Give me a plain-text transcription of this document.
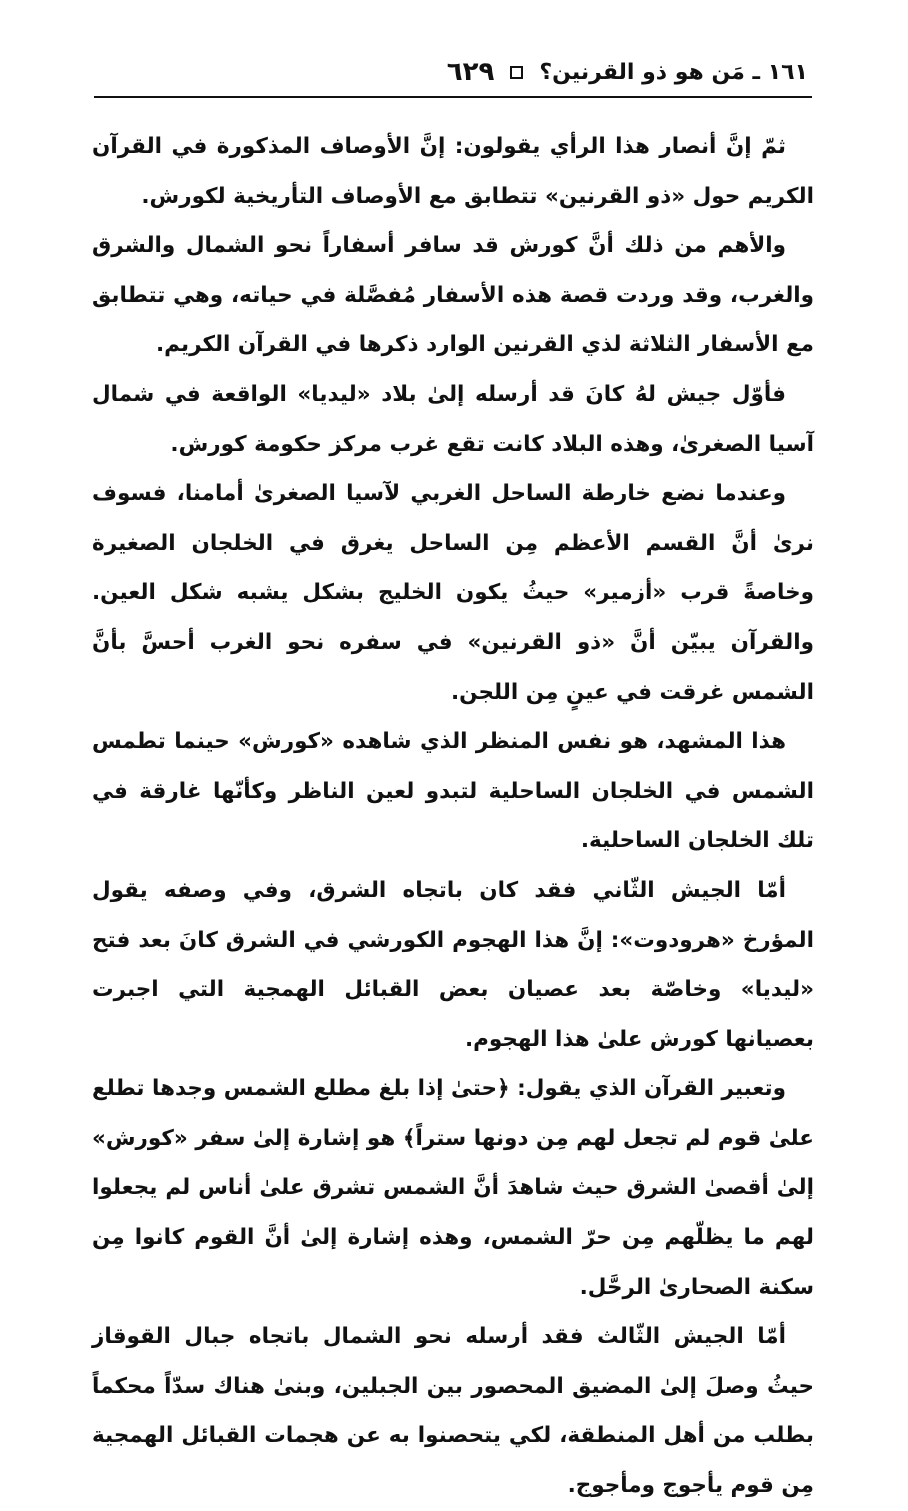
١٦١ ـ مَن هو ذو القرنين؟
٦٢٩

ثمّ إنَّ أنصار هذا الرأي يقولون: إنَّ الأوصاف المذكورة في القرآن الكريم حول «ذو القرنين» تتطابق مع الأوصاف التأريخية لكورش.

والأهم من ذلك أنَّ كورش قد سافر أسفاراً نحو الشمال والشرق والغرب، وقد وردت قصة هذه الأسفار مُفصَّلة في حياته، وهي تتطابق مع الأسفار الثلاثة لذي القرنين الوارد ذكرها في القرآن الكريم.

فأوّل جيش لهُ كانَ قد أرسله إلىٰ بلاد «ليديا» الواقعة في شمال آسيا الصغرىٰ، وهذه البلاد كانت تقع غرب مركز حكومة كورش.

وعندما نضع خارطة الساحل الغربي لآسيا الصغرىٰ أمامنا، فسوف نرىٰ أنَّ القسم الأعظم مِن الساحل يغرق في الخلجان الصغيرة وخاصةً قرب «أزمير» حيثُ يكون الخليج بشكل يشبه شكل العين. والقرآن يبيّن أنَّ «ذو القرنين» في سفره نحو الغرب أحسَّ بأنَّ الشمس غرقت في عينٍ مِن اللجن.

هذا المشهد، هو نفس المنظر الذي شاهده «كورش» حينما تطمس الشمس في الخلجان الساحلية لتبدو لعين الناظر وكأنّها غارقة في تلك الخلجان الساحلية.

أمّا الجيش الثّاني فقد كان باتجاه الشرق، وفي وصفه يقول المؤرخ «هرودوت»: إنَّ هذا الهجوم الكورشي في الشرق كانَ بعد فتح «ليديا» وخاصّة بعد عصيان بعض القبائل الهمجية التي اجبرت بعصيانها كورش علىٰ هذا الهجوم.

وتعبير القرآن الذي يقول: ﴿حتىٰ إذا بلغ مطلع الشمس وجدها تطلع علىٰ قوم لم تجعل لهم مِن دونها ستراً﴾ هو إشارة إلىٰ سفر «كورش» إلىٰ أقصىٰ الشرق حيث شاهدَ أنَّ الشمس تشرق علىٰ أناس لم يجعلوا لهم ما يظلّهم مِن حرّ الشمس، وهذه إشارة إلىٰ أنَّ القوم كانوا مِن سكنة الصحارىٰ الرحَّل.

أمّا الجيش الثّالث فقد أرسله نحو الشمال باتجاه جبال القوقاز حيثُ وصلَ إلىٰ المضيق المحصور بين الجبلين، وبنىٰ هناك سدّاً محكماً بطلب من أهل المنطقة، لكي يتحصنوا به عن هجمات القبائل الهمجية مِن قوم يأجوج ومأجوج.
